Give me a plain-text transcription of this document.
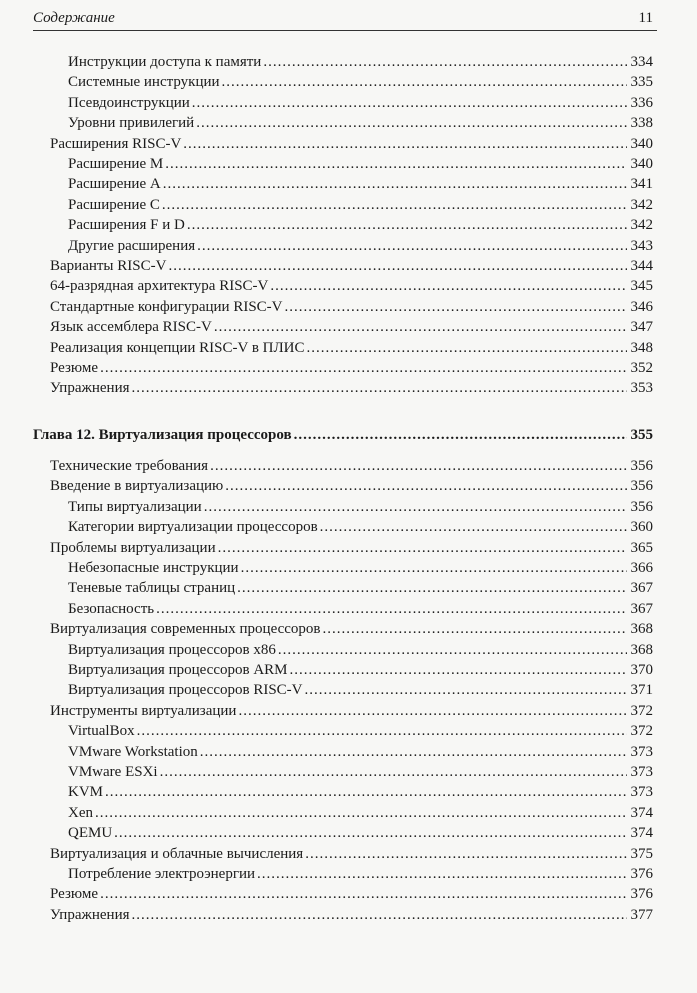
Содержание	11
Инструкции доступа к памяти .....	334
Системные инструкции .....	335
Псевдоинструкции .....	336
Уровни привилегий .....	338
Расширения RISC-V .....	340
Расширение M .....	340
Расширение A .....	341
Расширение C .....	342
Расширения F и D .....	342
Другие расширения .....	343
Варианты RISC-V .....	344
64-разрядная архитектура RISC-V .....	345
Стандартные конфигурации RISC-V .....	346
Язык ассемблера RISC-V .....	347
Реализация концепции RISC-V в ПЛИС .....	348
Резюме .....	352
Упражнения .....	353
Глава 12. Виртуализация процессоров .....	355
Технические требования .....	356
Введение в виртуализацию .....	356
Типы виртуализации .....	356
Категории виртуализации процессоров .....	360
Проблемы виртуализации .....	365
Небезопасные инструкции .....	366
Теневые таблицы страниц .....	367
Безопасность .....	367
Виртуализация современных процессоров .....	368
Виртуализация процессоров x86 .....	368
Виртуализация процессоров ARM .....	370
Виртуализация процессоров RISC-V .....	371
Инструменты виртуализации .....	372
VirtualBox .....	372
VMware Workstation .....	373
VMware ESXi .....	373
KVM .....	373
Xen .....	374
QEMU .....	374
Виртуализация и облачные вычисления .....	375
Потребление электроэнергии .....	376
Резюме .....	376
Упражнения .....	377
